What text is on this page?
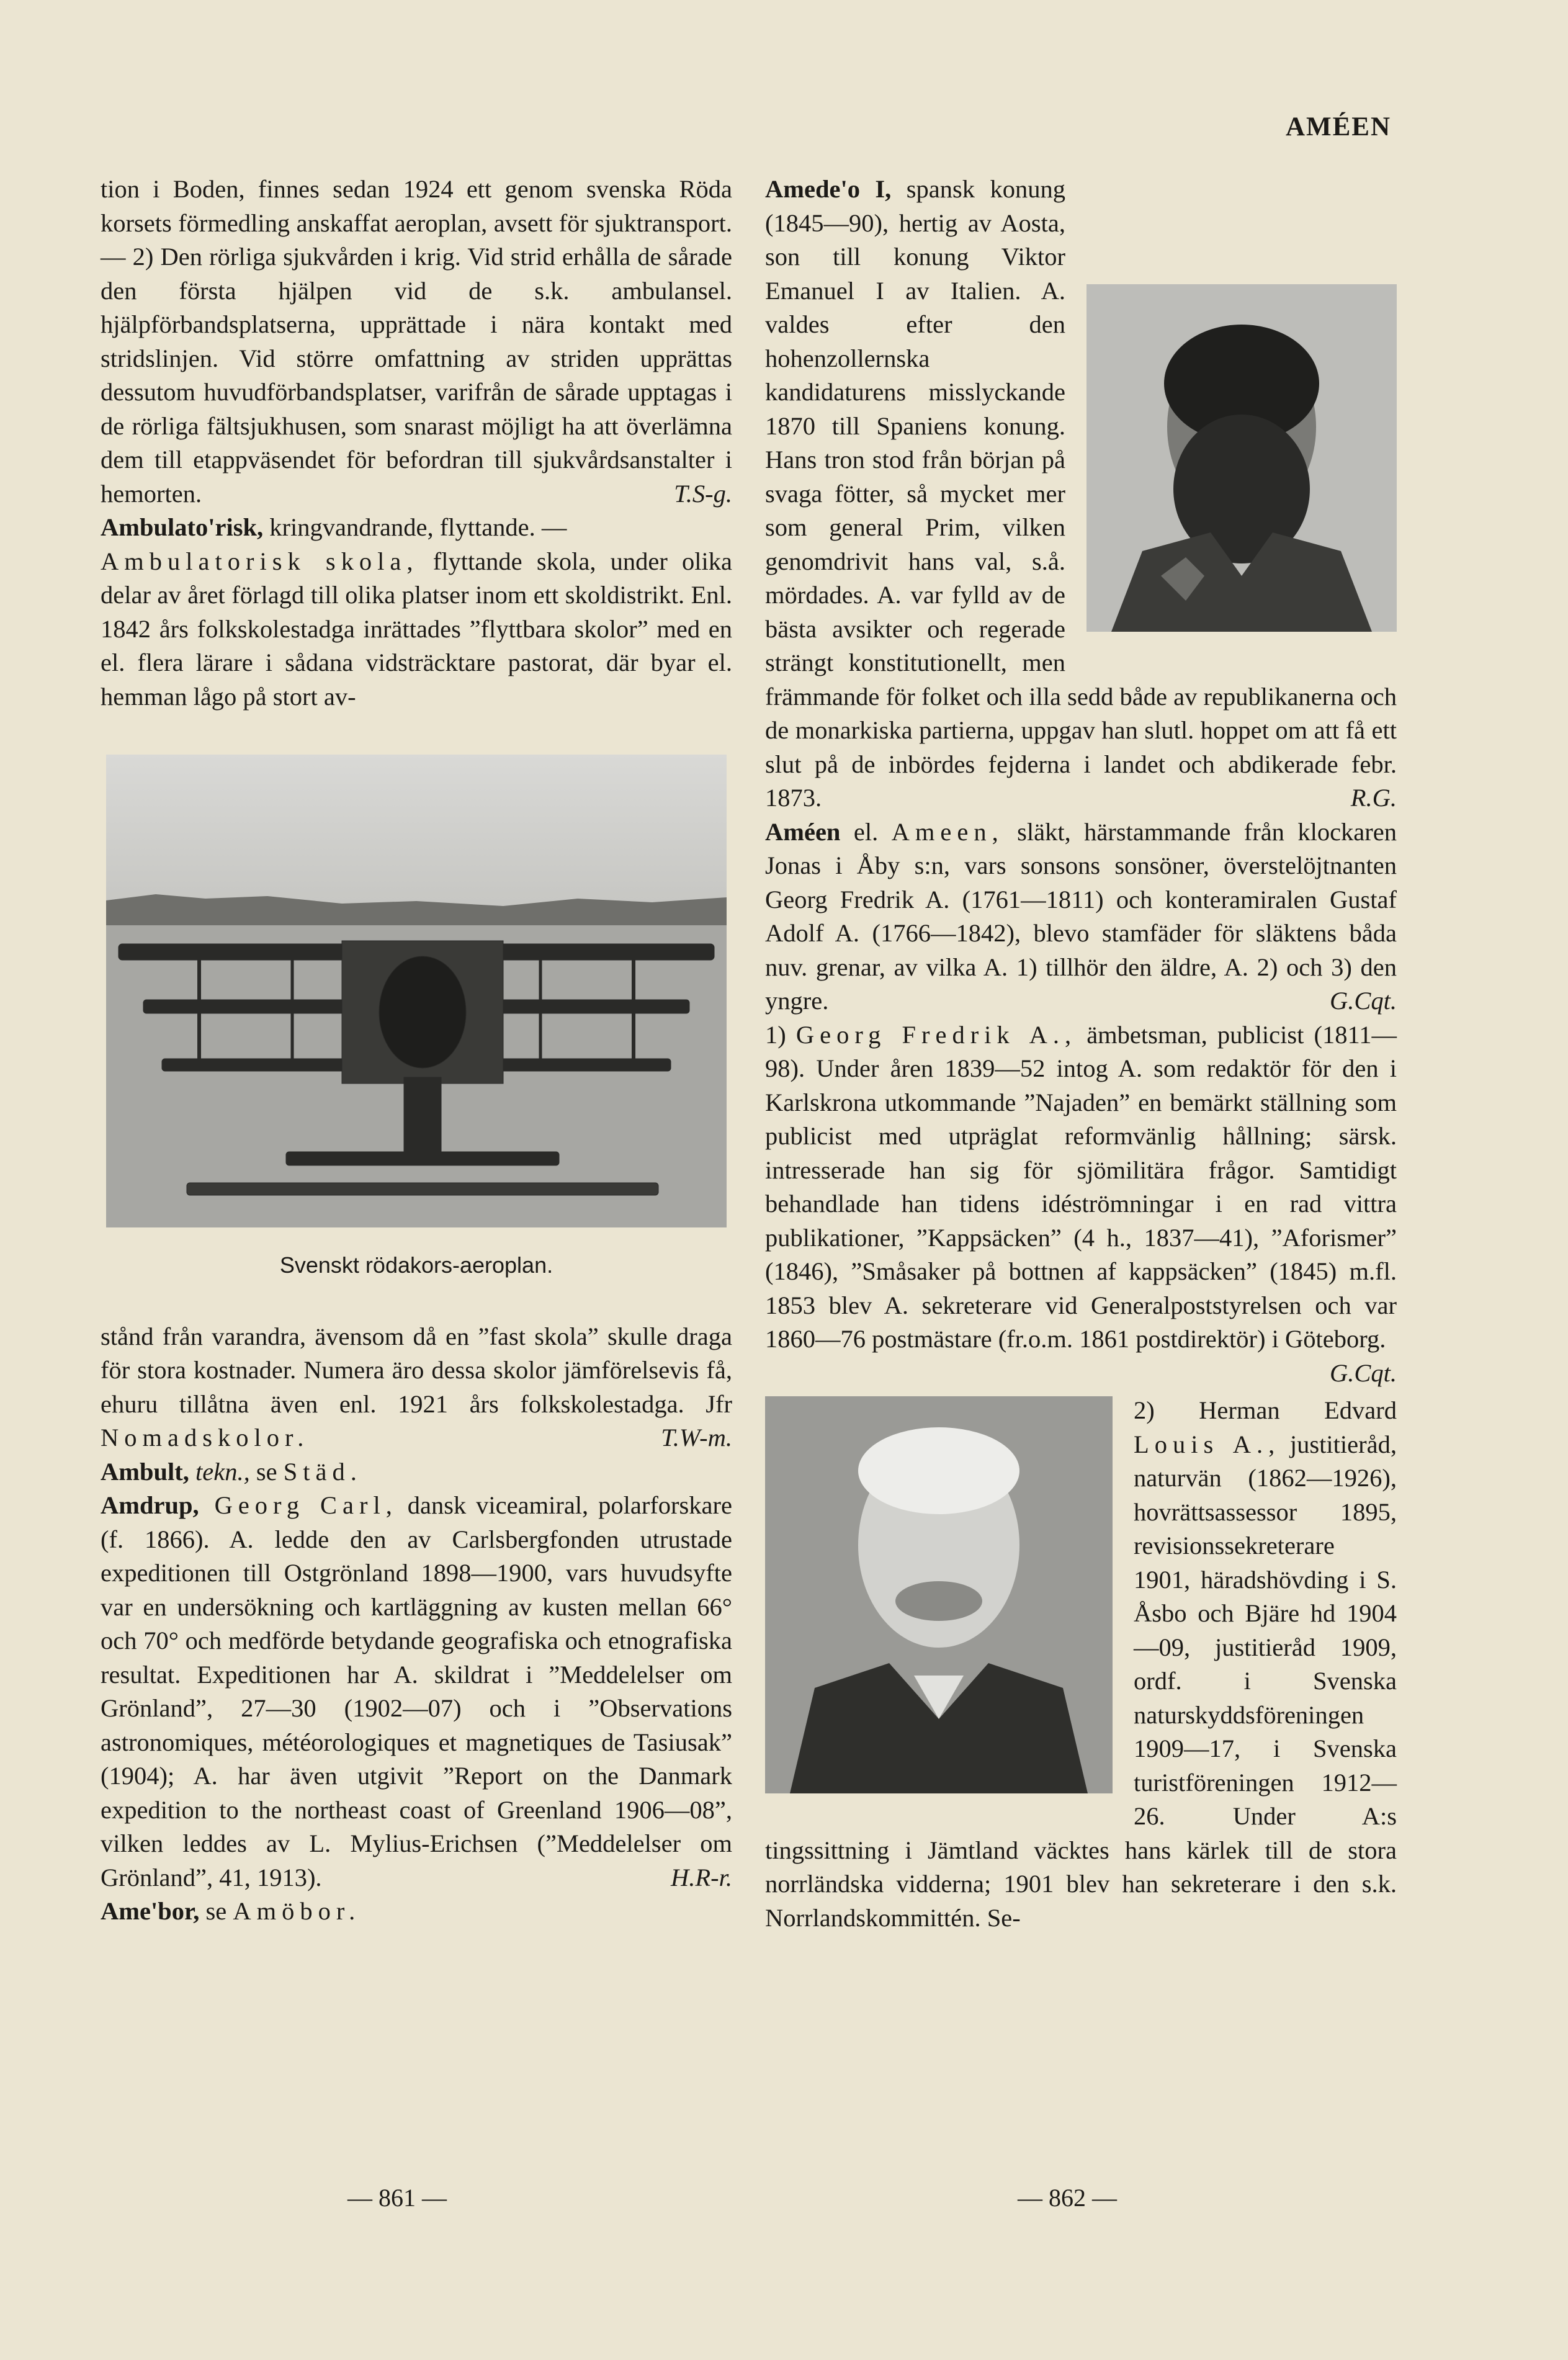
AMÉEN

tion i Boden, finnes sedan 1924 ett genom svenska Röda korsets förmedling anskaffat aeroplan, avsett för sjuktransport. — 2) Den rörliga sjukvården i krig. Vid strid erhålla de sårade den första hjälpen vid de s.k. ambulansel. hjälpförbandsplatserna, upprättade i nära kontakt med stridslinjen. Vid större omfattning av striden upprättas dessutom huvudförbandsplatser, varifrån de sårade upptagas i de rörliga fältsjukhusen, som snarast möjligt ha att överlämna dem till etappväsendet för befordran till sjukvårdsanstalter i hemorten.	T.S-g.

Ambulato'risk, kringvandrande, flyttande. —
Ambulatorisk skola, flyttande skola, under olika delar av året förlagd till olika platser inom ett skoldistrikt. Enl. 1842 års folkskolestadga inrättades ”flyttbara skolor” med en el. flera lärare i sådana vidsträcktare pastorat, där byar el. hemman lågo på stort av-

Svenskt rödakors-aeroplan.

stånd från varandra, ävensom då en ”fast skola” skulle draga för stora kostnader. Numera äro dessa skolor jämförelsevis få, ehuru tillåtna även enl. 1921 års folkskolestadga. Jfr Nomadskolor.	T.W-m.

Ambult, tekn., se Städ.

Amdrup, Georg Carl, dansk viceamiral, polarforskare (f. 1866). A. ledde den av Carlsbergfonden utrustade expeditionen till Ostgrönland 1898—1900, vars huvudsyfte var en undersökning och kartläggning av kusten mellan 66° och 70° och medförde betydande geografiska och etnografiska resultat. Expeditionen har A. skildrat i ”Meddelelser om Grönland”, 27—30 (1902—07) och i ”Observations astronomiques, météorologiques et magnetiques de Tasiusak” (1904); A. har även utgivit ”Report on the Danmark expedition to the northeast coast of Greenland 1906—08”, vilken leddes av L. Mylius-Erichsen (”Meddelelser om Grönland”, 41, 1913).	H.R-r.

Ame'bor, se Amöbor.

Amede'o I, spansk konung (1845—90), hertig av Aosta, son till konung Viktor Emanuel I av Italien. A. valdes efter den hohenzollernska kandidaturens misslyckande 1870 till Spaniens konung. Hans tron stod från början på svaga fötter, så mycket mer som general Prim, vilken genomdrivit hans val, s.å. mördades. A. var fylld av de bästa avsikter och regerade strängt konstitutionellt, men främmande för folket och illa sedd både av republikanerna och de monarkiska partierna, uppgav han slutl. hoppet om att få ett slut på de inbördes fejderna i landet och abdikerade febr. 1873.	R.G.

Améen el. Ameen, släkt, härstammande från klockaren Jonas i Åby s:n, vars sonsons sonsöner, överstelöjtnanten Georg Fredrik A. (1761—1811) och konteramiralen Gustaf Adolf A. (1766—1842), blevo stamfäder för släktens båda nuv. grenar, av vilka A. 1) tillhör den äldre, A. 2) och 3) den yngre.	G.Cqt.

1) Georg Fredrik A., ämbetsman, publicist (1811—98). Under åren 1839—52 intog A. som redaktör för den i Karlskrona utkommande ”Najaden” en bemärkt ställning som publicist med utpräglat reformvänlig hållning; särsk. intresserade han sig för sjömilitära frågor. Samtidigt behandlade han tidens idéströmningar i en rad vittra publikationer, ”Kappsäcken” (4 h., 1837—41), ”Aforismer” (1846), ”Småsaker på bottnen af kappsäcken” (1845) m.fl. 1853 blev A. sekreterare vid Generalpoststyrelsen och var 1860—76 postmästare (fr.o.m. 1861 postdirektör) i Göteborg.
G.Cqt.

2) Herman Edvard Louis A., justitieråd, naturvän (1862—1926), hovrättsassessor 1895, revisionssekreterare 1901, häradshövding i S. Åsbo och Bjäre hd 1904—09, justitieråd 1909, ordf. i Svenska naturskyddsföreningen 1909—17, i Svenska turistföreningen 1912—26. Under A:s tingssittning i Jämtland väcktes hans kärlek till de stora norrländska vidderna; 1901 blev han sekreterare i den s.k. Norrlandskommittén. Se-

— 861 —	— 862 —
